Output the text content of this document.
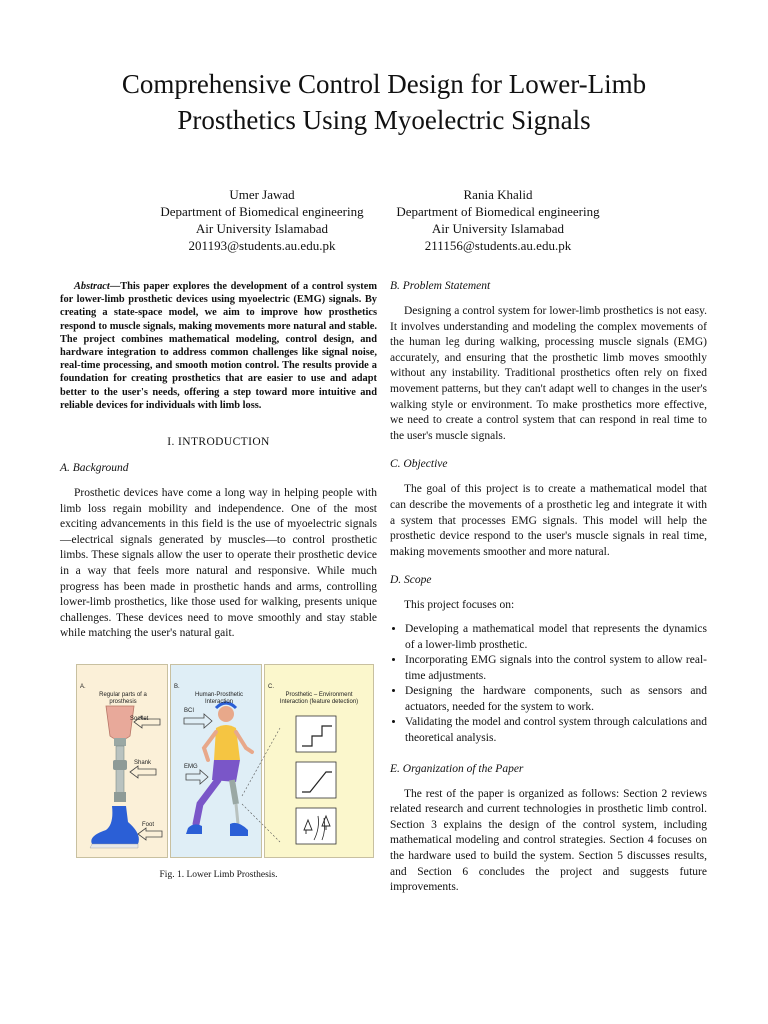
Comprehensive Control Design for Lower-Limb
Prosthetics Using Myoelectric Signals
Umer Jawad
Department of Biomedical engineering
Air University Islamabad
201193@students.au.edu.pk
Rania Khalid
Department of Biomedical engineering
Air University Islamabad
211156@students.au.edu.pk

Abstract—This paper explores the development of a control system for lower-limb prosthetic devices using myoelectric (EMG) signals. By creating a state-space model, we aim to improve how prosthetics respond to muscle signals, making movements more natural and stable. The project combines mathematical modeling, control design, and hardware integration to address common challenges like signal noise, real-time processing, and smooth motion control. The results provide a foundation for creating prosthetics that are easier to use and adapt better to the user's needs, offering a step toward more intuitive and reliable devices for individuals with limb loss.

I. INTRODUCTION
A. Background

Prosthetic devices have come a long way in helping people with limb loss regain mobility and independence. One of the most exciting advancements in this field is the use of myoelectric signals—electrical signals generated by muscles—to control prosthetic limbs. These signals allow the user to operate their prosthetic device in a way that feels more natural and responsive. While much progress has been made in prosthetic hands and arms, controlling lower-limb prosthetics, like those used for walking, presents unique challenges. These devices need to move smoothly and stay stable while matching the user's natural gait.

A.
Regular parts of a prosthesis
Socket
Shank
Foot
B.
Human-Prosthetic Interaction
BCI
EMG
C.
Prosthetic – Environment Interaction (feature detection)
Fig. 1. Lower Limb Prosthesis.
B. Problem Statement

Designing a control system for lower-limb prosthetics is not easy. It involves understanding and modeling the complex movements of the human leg during walking, processing muscle signals (EMG) accurately, and ensuring that the prosthetic limb moves smoothly without any instability. Traditional prosthetics often rely on fixed movement patterns, but they can't adapt well to changes in the user's walking style or environment. To make prosthetics more effective, we need to create a control system that can respond in real time to the user's muscle signals.

C. Objective

The goal of this project is to create a mathematical model that can describe the movements of a prosthetic leg and integrate it with a system that processes EMG signals. This model will help the prosthetic device respond to the user's muscle signals in real time, making movements smoother and more natural.

D. Scope

This project focuses on:

• Developing a mathematical model that represents the dynamics of a lower-limb prosthetic.
• Incorporating EMG signals into the control system to allow real-time adjustments.
• Designing the hardware components, such as sensors and actuators, needed for the system to work.
• Validating the model and control system through calculations and theoretical analysis.
E. Organization of the Paper

The rest of the paper is organized as follows: Section 2 reviews related research and current technologies in prosthetic limb control. Section 3 explains the design of the control system, including mathematical modeling and control strategies. Section 4 focuses on the hardware used to build the system. Section 5 discusses results, and Section 6 concludes the project and suggests future improvements.
